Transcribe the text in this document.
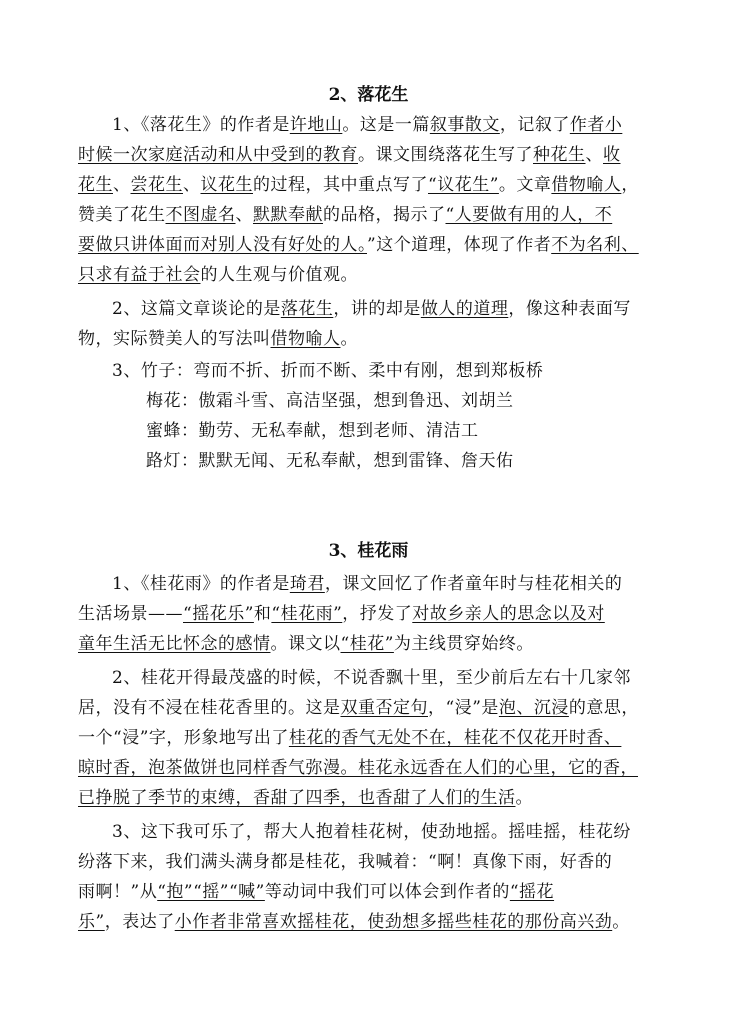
2、落花生
1、《落花生》的作者是许地山。这是一篇叙事散文，记叙了作者小
时候一次家庭活动和从中受到的教育。课文围绕落花生写了种花生、收
花生、尝花生、议花生的过程，其中重点写了“议花生”。文章借物喻人，
赞美了花生不图虚名、默默奉献的品格，揭示了“人要做有用的人，不
要做只讲体面而对别人没有好处的人。”这个道理，体现了作者不为名利、
只求有益于社会的人生观与价值观。
2、这篇文章谈论的是落花生，讲的却是做人的道理，像这种表面写
物，实际赞美人的写法叫借物喻人。
3、竹子：弯而不折、折而不断、柔中有刚，想到郑板桥
梅花：傲霜斗雪、高洁坚强，想到鲁迅、刘胡兰
蜜蜂：勤劳、无私奉献，想到老师、清洁工
路灯：默默无闻、无私奉献，想到雷锋、詹天佑
3、桂花雨
1、《桂花雨》的作者是琦君，课文回忆了作者童年时与桂花相关的
生活场景——“摇花乐”和“桂花雨”，抒发了对故乡亲人的思念以及对
童年生活无比怀念的感情。课文以“桂花”为主线贯穿始终。
2、桂花开得最茂盛的时候，不说香飘十里，至少前后左右十几家邻
居，没有不浸在桂花香里的。这是双重否定句，“浸”是泡、沉浸的意思，
一个“浸”字，形象地写出了桂花的香气无处不在，桂花不仅花开时香、
晾时香，泡茶做饼也同样香气弥漫。桂花永远香在人们的心里，它的香，
已挣脱了季节的束缚，香甜了四季，也香甜了人们的生活。
3、这下我可乐了，帮大人抱着桂花树，使劲地摇。摇哇摇，桂花纷
纷落下来，我们满头满身都是桂花，我喊着：“啊！真像下雨，好香的
雨啊！”从“抱”“摇”“喊”等动词中我们可以体会到作者的“摇花
乐”，表达了小作者非常喜欢摇桂花，使劲想多摇些桂花的那份高兴劲。
